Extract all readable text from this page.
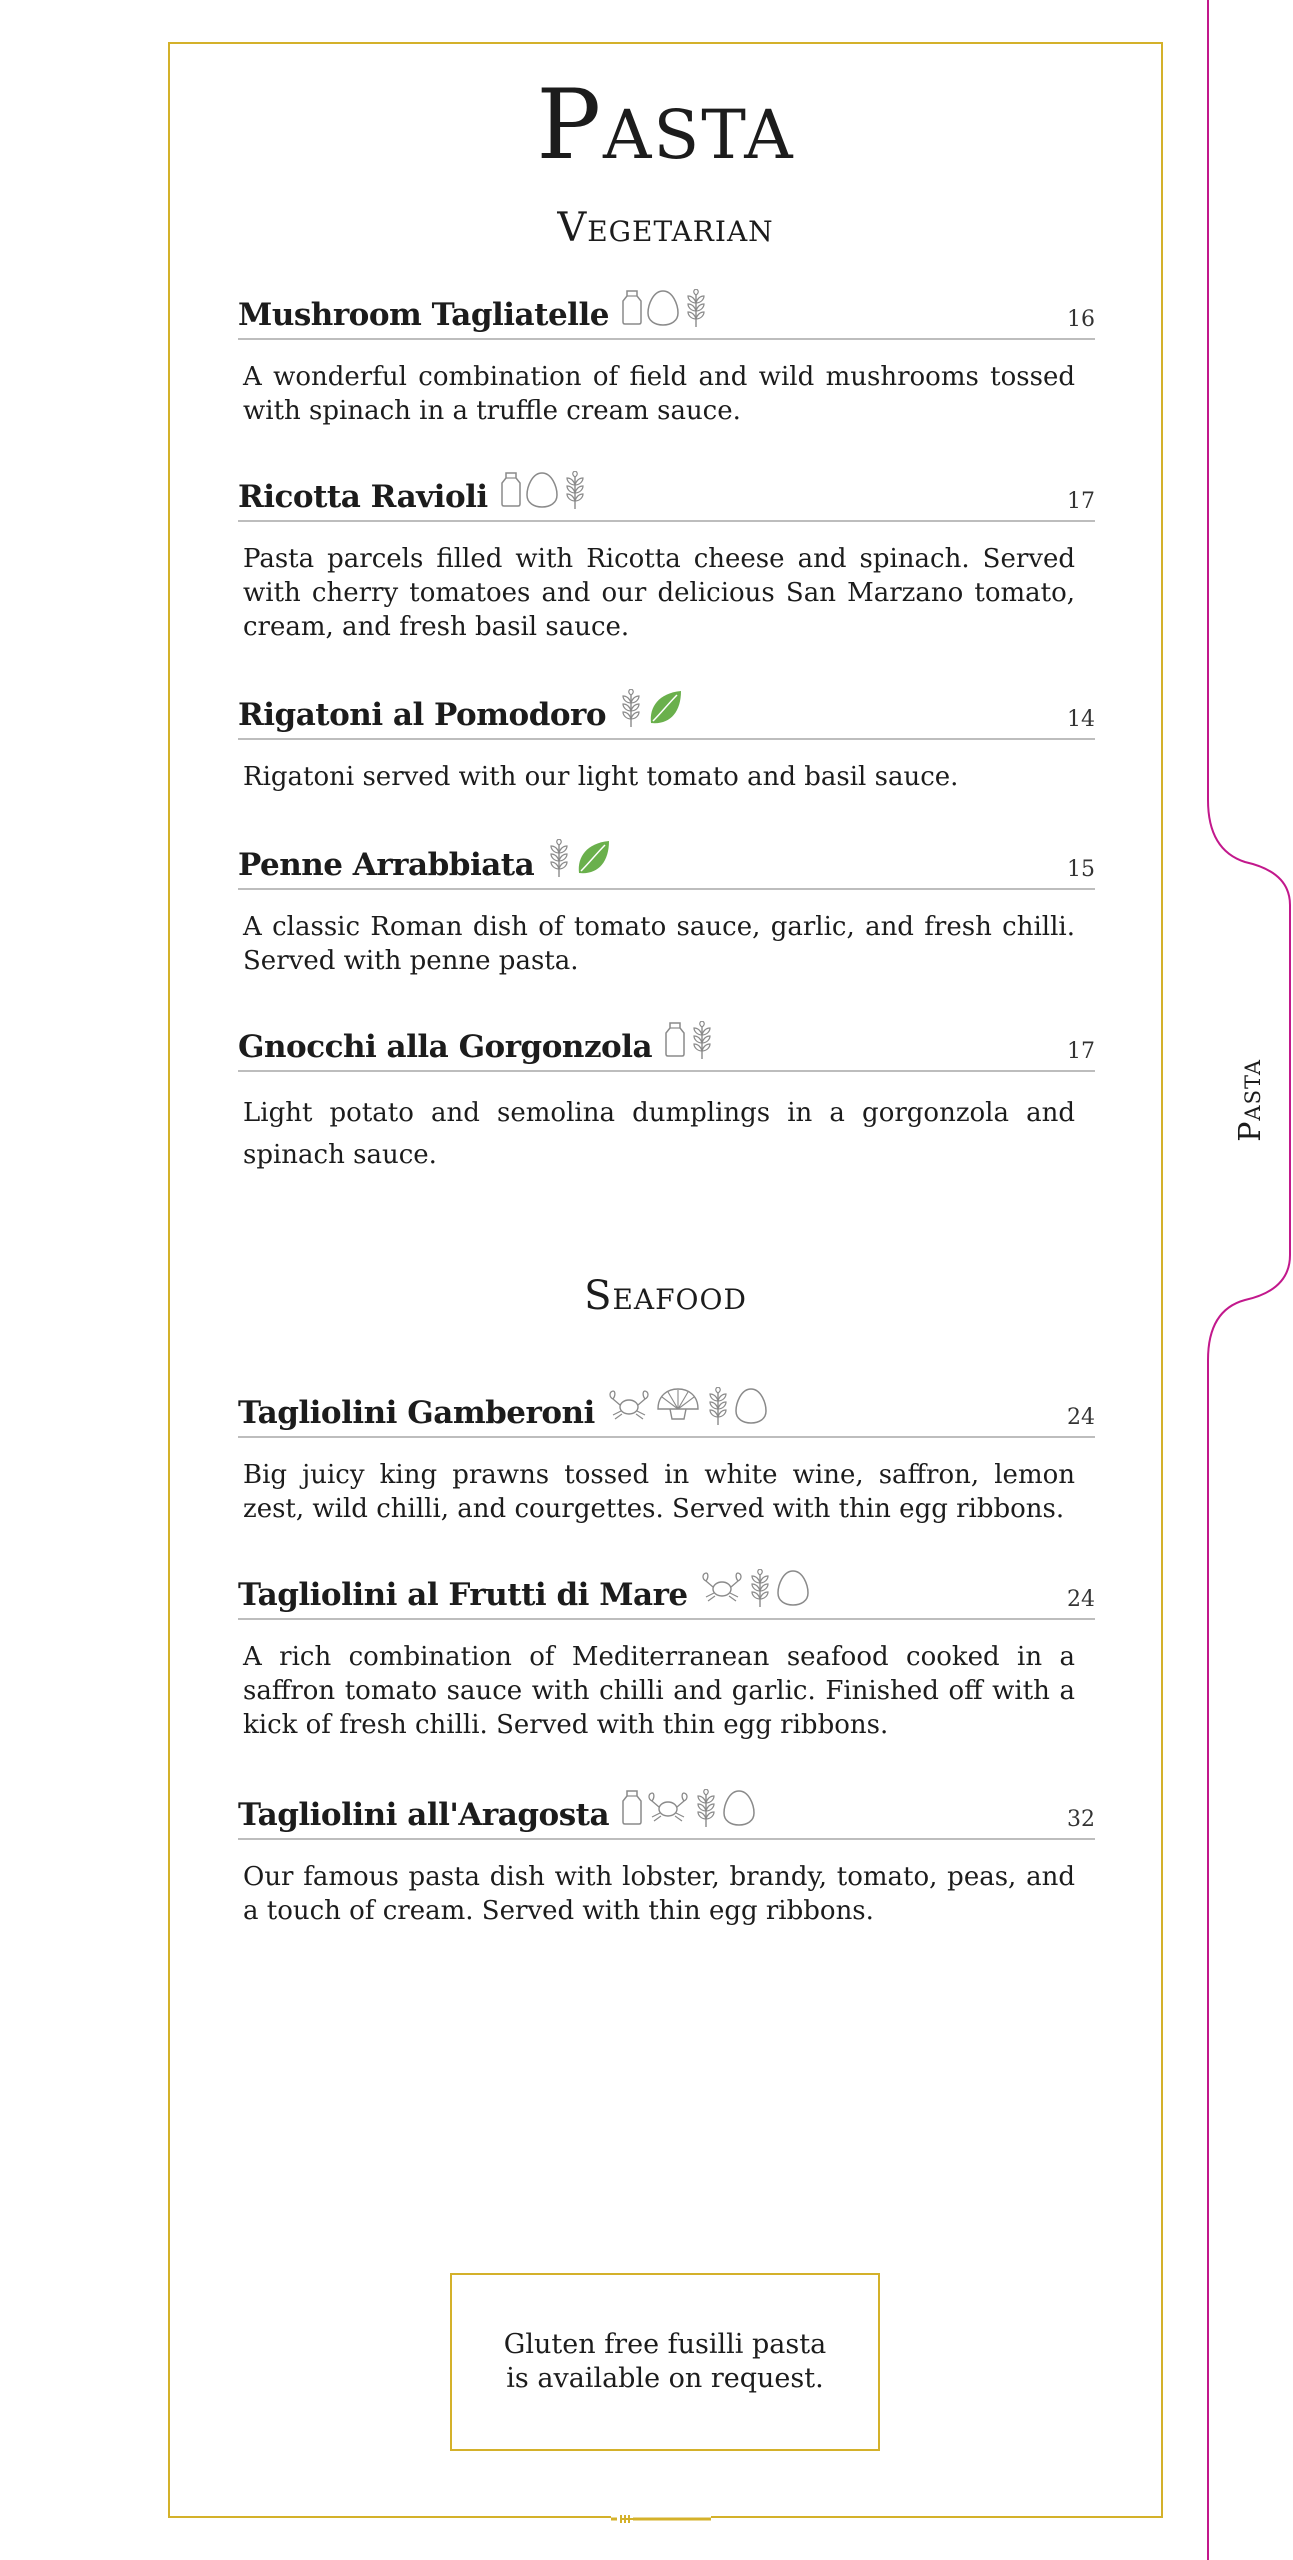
Pasta
Vegetarian
Mushroom Tagliatelle	16

A wonderful combination of field and wild mushrooms tossed with spinach in a truffle cream sauce.

Ricotta Ravioli	17

Pasta parcels filled with Ricotta cheese and spinach. Served with cherry tomatoes and our delicious San Marzano tomato, cream, and fresh basil sauce.

Rigatoni al Pomodoro	14

Rigatoni served with our light tomato and basil sauce.

Penne Arrabbiata	15

A classic Roman dish of tomato sauce, garlic, and fresh chilli. Served with penne pasta.

Gnocchi alla Gorgonzola	17

Light potato and semolina dumplings in a gorgonzola and spinach sauce.

Seafood
Tagliolini Gamberoni	24

Big juicy king prawns tossed in white wine, saffron, lemon zest, wild chilli, and courgettes. Served with thin egg ribbons.

Tagliolini al Frutti di Mare	24

A rich combination of Mediterranean seafood cooked in a saffron tomato sauce with chilli and garlic. Finished off with a kick of fresh chilli. Served with thin egg ribbons.

Tagliolini all'Aragosta	32

Our famous pasta dish with lobster, brandy, tomato, peas, and a touch of cream. Served with thin egg ribbons.

Gluten free fusilli pasta
is available on request.
Pasta
